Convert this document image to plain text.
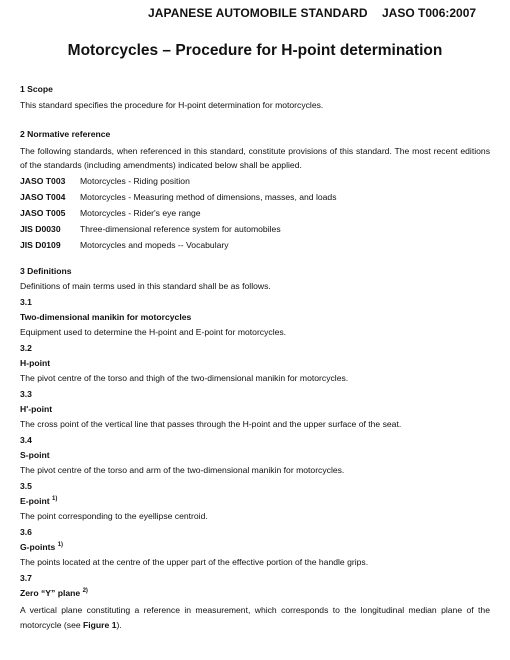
JAPANESE AUTOMOBILE STANDARD JASO T006:2007
Motorcycles – Procedure for H-point determination
1 Scope
This standard specifies the procedure for H-point determination for motorcycles.
2 Normative reference
The following standards, when referenced in this standard, constitute provisions of this standard. The most recent editions of the standards (including amendments) indicated below shall be applied.
JASO T003	Motorcycles - Riding position
JASO T004	Motorcycles - Measuring method of dimensions, masses, and loads
JASO T005	Motorcycles - Rider's eye range
JIS D0030	Three-dimensional reference system for automobiles
JIS D0109	Motorcycles and mopeds -- Vocabulary
3 Definitions
Definitions of main terms used in this standard shall be as follows.
3.1
Two-dimensional manikin for motorcycles
Equipment used to determine the H-point and E-point for motorcycles.
3.2
H-point
The pivot centre of the torso and thigh of the two-dimensional manikin for motorcycles.
3.3
H'-point
The cross point of the vertical line that passes through the H-point and the upper surface of the seat.
3.4
S-point
The pivot centre of the torso and arm of the two-dimensional manikin for motorcycles.
3.5
E-point $^{1)}$
The point corresponding to the eyellipse centroid.
3.6
G-points $^{1)}$
The points located at the centre of the upper part of the effective portion of the handle grips.
3.7
Zero “Y” plane $^{2)}$
A vertical plane constituting a reference in measurement, which corresponds to the longitudinal median plane of the motorcycle (see Figure 1).
